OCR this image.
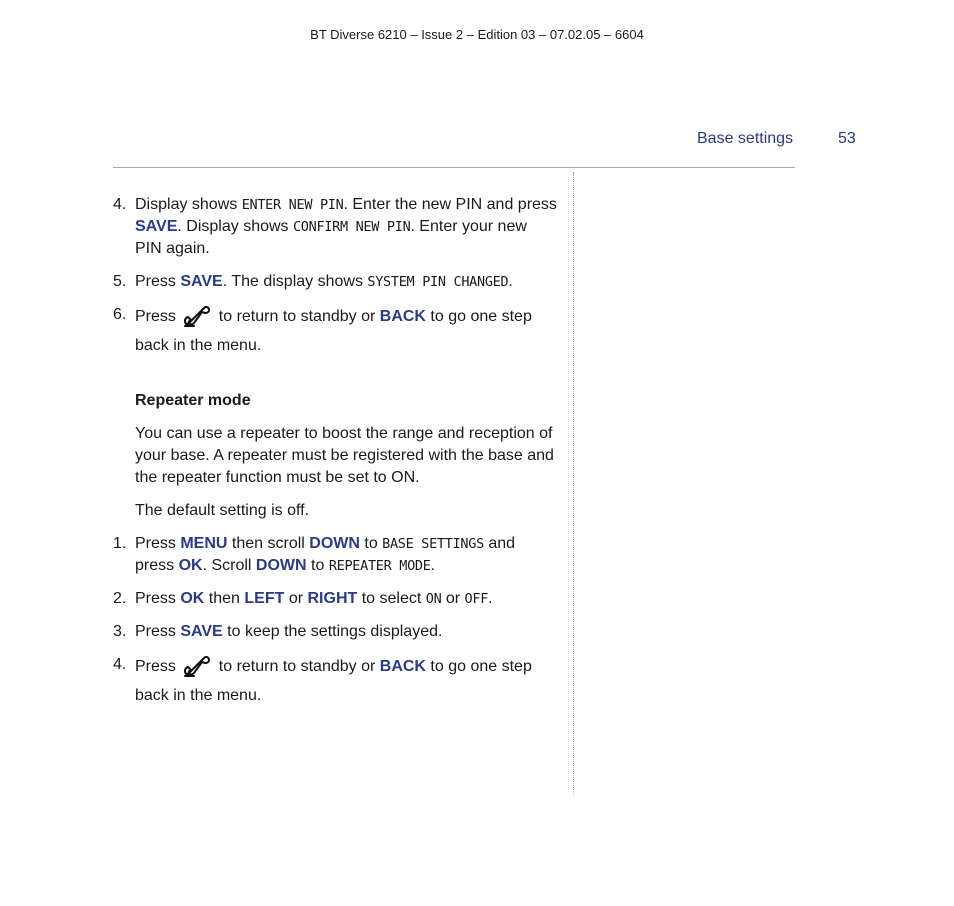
BT Diverse 6210 – Issue 2 – Edition 03 – 07.02.05 – 6604
Base settings	53
4. Display shows ENTER NEW PIN. Enter the new PIN and press SAVE. Display shows CONFIRM NEW PIN. Enter your new PIN again.
5. Press SAVE. The display shows SYSTEM PIN CHANGED.
6. Press  to return to standby or BACK to go one step back in the menu.
Repeater mode
You can use a repeater to boost the range and reception of your base. A repeater must be registered with the base and the repeater function must be set to ON.
The default setting is off.
1. Press MENU then scroll DOWN to BASE SETTINGS and press OK. Scroll DOWN to REPEATER MODE.
2. Press OK then LEFT or RIGHT to select ON or OFF.
3. Press SAVE to keep the settings displayed.
4. Press  to return to standby or BACK to go one step back in the menu.
